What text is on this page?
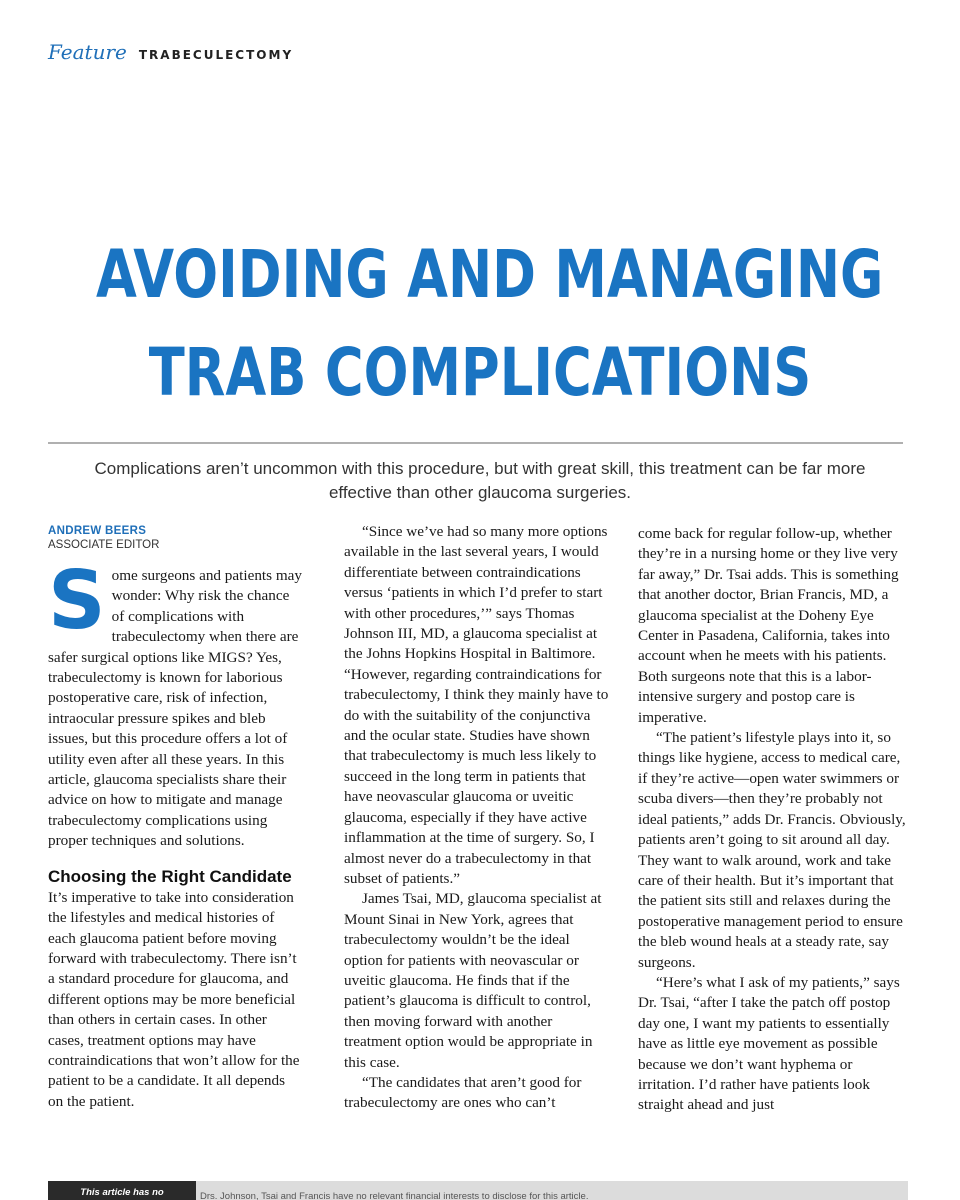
Feature TRABECULECTOMY
AVOIDING AND MANAGING
TRAB COMPLICATIONS
Complications aren’t uncommon with this procedure, but with great skill, this treatment can be far more effective than other glaucoma surgeries.
ANDREW BEERS
ASSOCIATE EDITOR

Some surgeons and patients may wonder: Why risk the chance of complications with trabeculectomy when there are safer surgical options like MIGS? Yes, trabeculectomy is known for laborious postoperative care, risk of infection, intraocular pressure spikes and bleb issues, but this procedure offers a lot of utility even after all these years. In this article, glaucoma specialists share their advice on how to mitigate and manage trabeculectomy complications using proper techniques and solutions.

Choosing the Right Candidate

It’s imperative to take into consideration the lifestyles and medical histories of each glaucoma patient before moving forward with trabeculectomy. There isn’t a standard procedure for glaucoma, and different options may be more beneficial than others in certain cases. In other cases, treatment options may have contraindications that won’t allow for the patient to be a candidate. It all depends on the patient.

“Since we’ve had so many more options available in the last several years, I would differentiate between contraindications versus ‘patients in which I’d prefer to start with other procedures,’” says Thomas Johnson III, MD, a glaucoma specialist at the Johns Hopkins Hospital in Baltimore. “However, regarding contraindications for trabeculectomy, I think they mainly have to do with the suitability of the conjunctiva and the ocular state. Studies have shown that trabeculectomy is much less likely to succeed in the long term in patients that have neovascular glaucoma or uveitic glaucoma, especially if they have active inflammation at the time of surgery. So, I almost never do a trabeculectomy in that subset of patients.”

James Tsai, MD, glaucoma specialist at Mount Sinai in New York, agrees that trabeculectomy wouldn’t be the ideal option for patients with neovascular or uveitic glaucoma. He finds that if the patient’s glaucoma is difficult to control, then moving forward with another treatment option would be appropriate in this case.

“The candidates that aren’t good for trabeculectomy are ones who can’t

come back for regular follow-up, whether they’re in a nursing home or they live very far away,” Dr. Tsai adds. This is something that another doctor, Brian Francis, MD, a glaucoma specialist at the Doheny Eye Center in Pasadena, California, takes into account when he meets with his patients. Both surgeons note that this is a labor-intensive surgery and postop care is imperative.

“The patient’s lifestyle plays into it, so things like hygiene, access to medical care, if they’re active—open water swimmers or scuba divers—then they’re probably not ideal patients,” adds Dr. Francis. Obviously, patients aren’t going to sit around all day. They want to walk around, work and take care of their health. But it’s important that the patient sits still and relaxes during the postoperative management period to ensure the bleb wound heals at a steady rate, say surgeons.

“Here’s what I ask of my patients,” says Dr. Tsai, “after I take the patch off postop day one, I want my patients to essentially have as little eye movement as possible because we don’t want hyphema or irritation. I’d rather have patients look straight ahead and just

This article has no	Drs. Johnson, Tsai and Francis have no relevant financial interests to disclose for this article.
